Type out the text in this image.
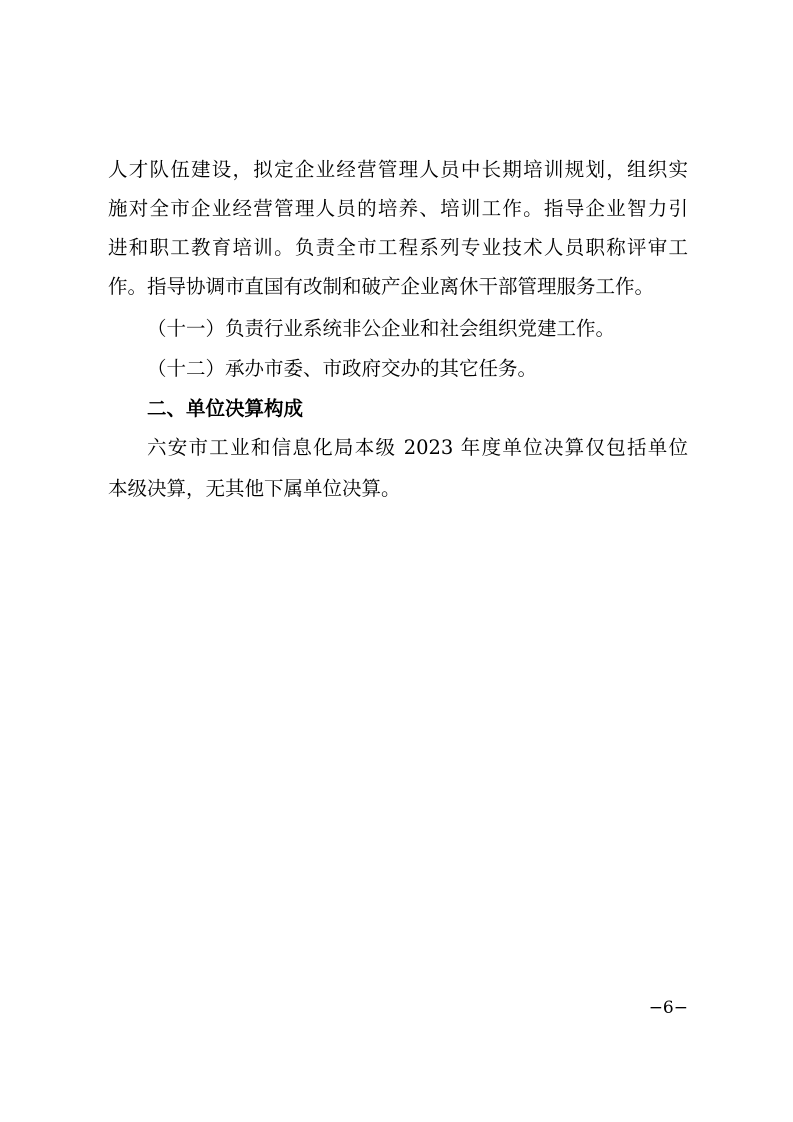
人才队伍建设，拟定企业经营管理人员中长期培训规划，组织实
施对全市企业经营管理人员的培养、培训工作。指导企业智力引
进和职工教育培训。负责全市工程系列专业技术人员职称评审工
作。指导协调市直国有改制和破产企业离休干部管理服务工作。
（十一）负责行业系统非公企业和社会组织党建工作。
（十二）承办市委、市政府交办的其它任务。
二、单位决算构成
六安市工业和信息化局本级 2023 年度单位决算仅包括单位
本级决算，无其他下属单位决算。
−6−
